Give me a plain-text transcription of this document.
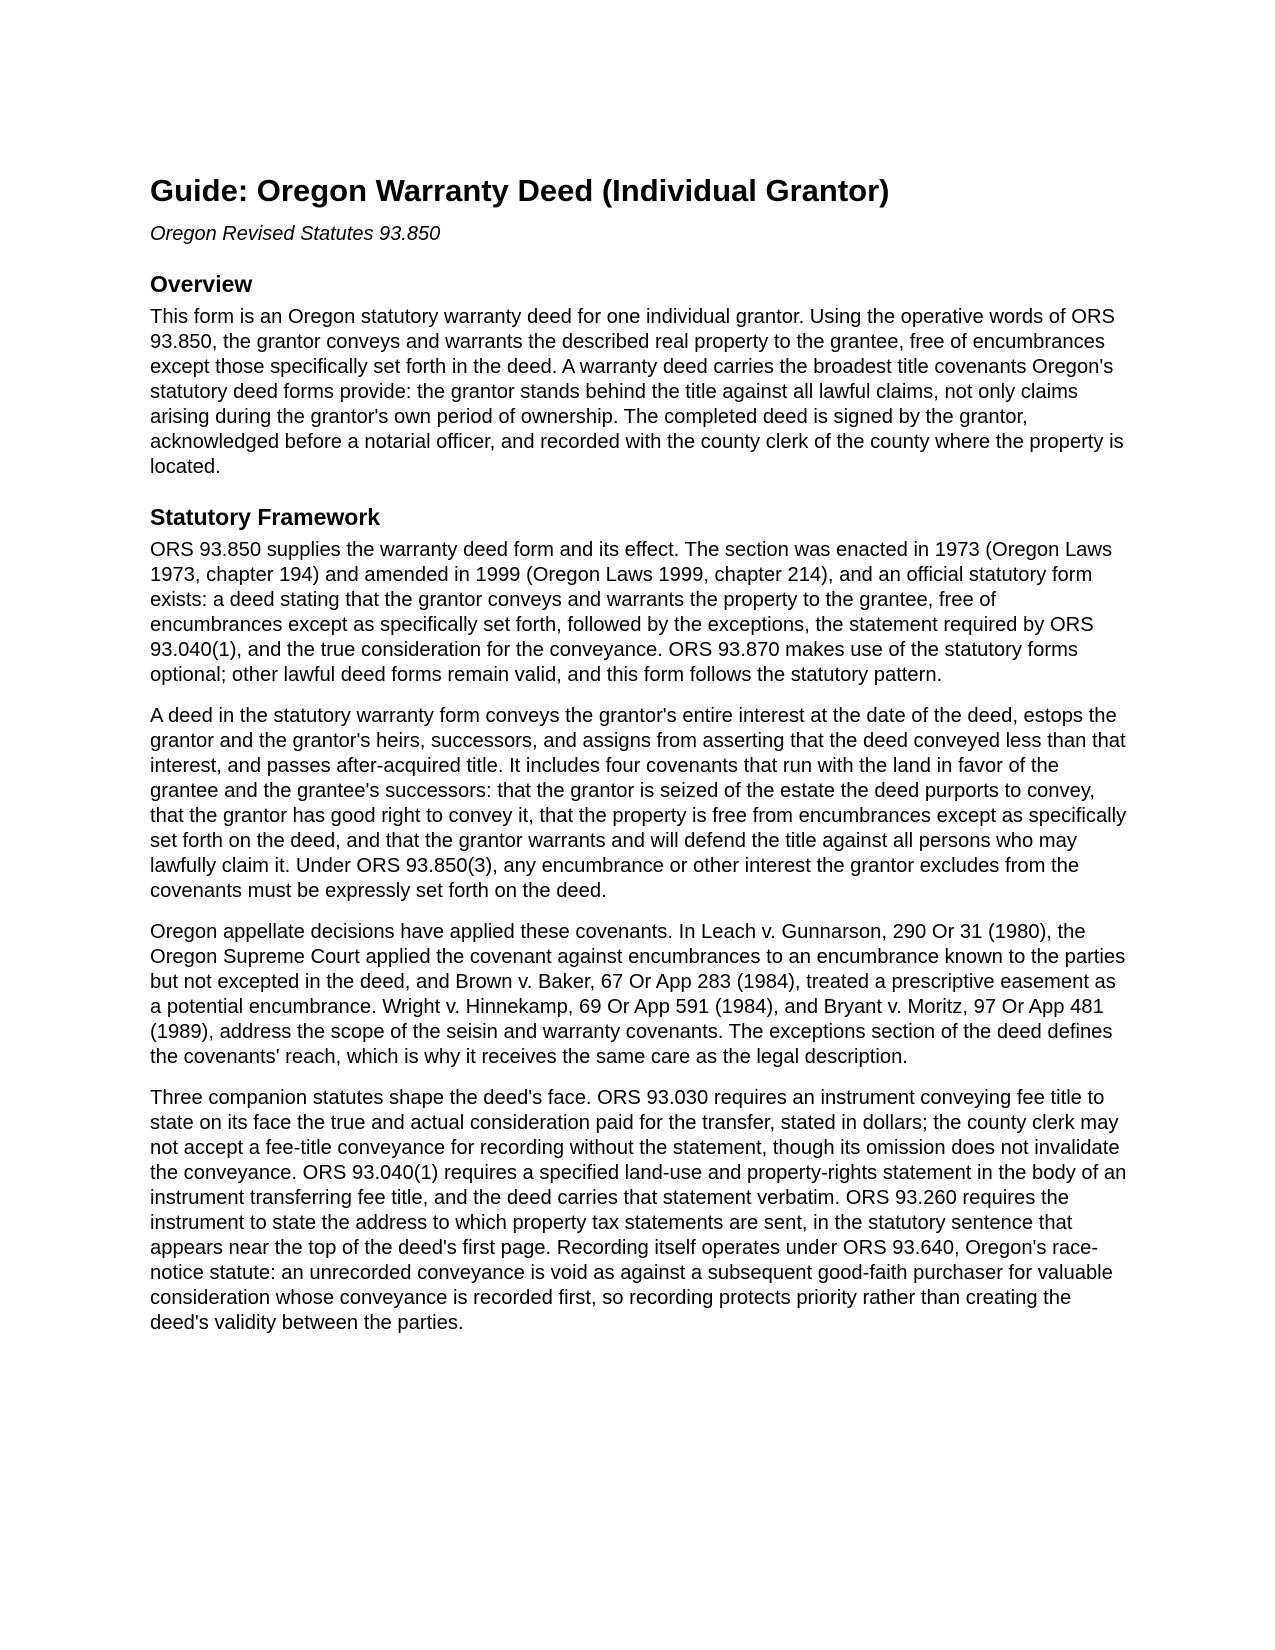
Guide: Oregon Warranty Deed (Individual Grantor)

Oregon Revised Statutes 93.850

Overview

This form is an Oregon statutory warranty deed for one individual grantor. Using the operative words of ORS 93.850, the grantor conveys and warrants the described real property to the grantee, free of encumbrances except those specifically set forth in the deed. A warranty deed carries the broadest title covenants Oregon's statutory deed forms provide: the grantor stands behind the title against all lawful claims, not only claims arising during the grantor's own period of ownership. The completed deed is signed by the grantor, acknowledged before a notarial officer, and recorded with the county clerk of the county where the property is located.

Statutory Framework

ORS 93.850 supplies the warranty deed form and its effect. The section was enacted in 1973 (Oregon Laws 1973, chapter 194) and amended in 1999 (Oregon Laws 1999, chapter 214), and an official statutory form exists: a deed stating that the grantor conveys and warrants the property to the grantee, free of encumbrances except as specifically set forth, followed by the exceptions, the statement required by ORS 93.040(1), and the true consideration for the conveyance. ORS 93.870 makes use of the statutory forms optional; other lawful deed forms remain valid, and this form follows the statutory pattern.

A deed in the statutory warranty form conveys the grantor's entire interest at the date of the deed, estops the grantor and the grantor's heirs, successors, and assigns from asserting that the deed conveyed less than that interest, and passes after-acquired title. It includes four covenants that run with the land in favor of the grantee and the grantee's successors: that the grantor is seized of the estate the deed purports to convey, that the grantor has good right to convey it, that the property is free from encumbrances except as specifically set forth on the deed, and that the grantor warrants and will defend the title against all persons who may lawfully claim it. Under ORS 93.850(3), any encumbrance or other interest the grantor excludes from the covenants must be expressly set forth on the deed.

Oregon appellate decisions have applied these covenants. In Leach v. Gunnarson, 290 Or 31 (1980), the Oregon Supreme Court applied the covenant against encumbrances to an encumbrance known to the parties but not excepted in the deed, and Brown v. Baker, 67 Or App 283 (1984), treated a prescriptive easement as a potential encumbrance. Wright v. Hinnekamp, 69 Or App 591 (1984), and Bryant v. Moritz, 97 Or App 481 (1989), address the scope of the seisin and warranty covenants. The exceptions section of the deed defines the covenants' reach, which is why it receives the same care as the legal description.

Three companion statutes shape the deed's face. ORS 93.030 requires an instrument conveying fee title to state on its face the true and actual consideration paid for the transfer, stated in dollars; the county clerk may not accept a fee-title conveyance for recording without the statement, though its omission does not invalidate the conveyance. ORS 93.040(1) requires a specified land-use and property-rights statement in the body of an instrument transferring fee title, and the deed carries that statement verbatim. ORS 93.260 requires the instrument to state the address to which property tax statements are sent, in the statutory sentence that appears near the top of the deed's first page. Recording itself operates under ORS 93.640, Oregon's race-notice statute: an unrecorded conveyance is void as against a subsequent good-faith purchaser for valuable consideration whose conveyance is recorded first, so recording protects priority rather than creating the deed's validity between the parties.
